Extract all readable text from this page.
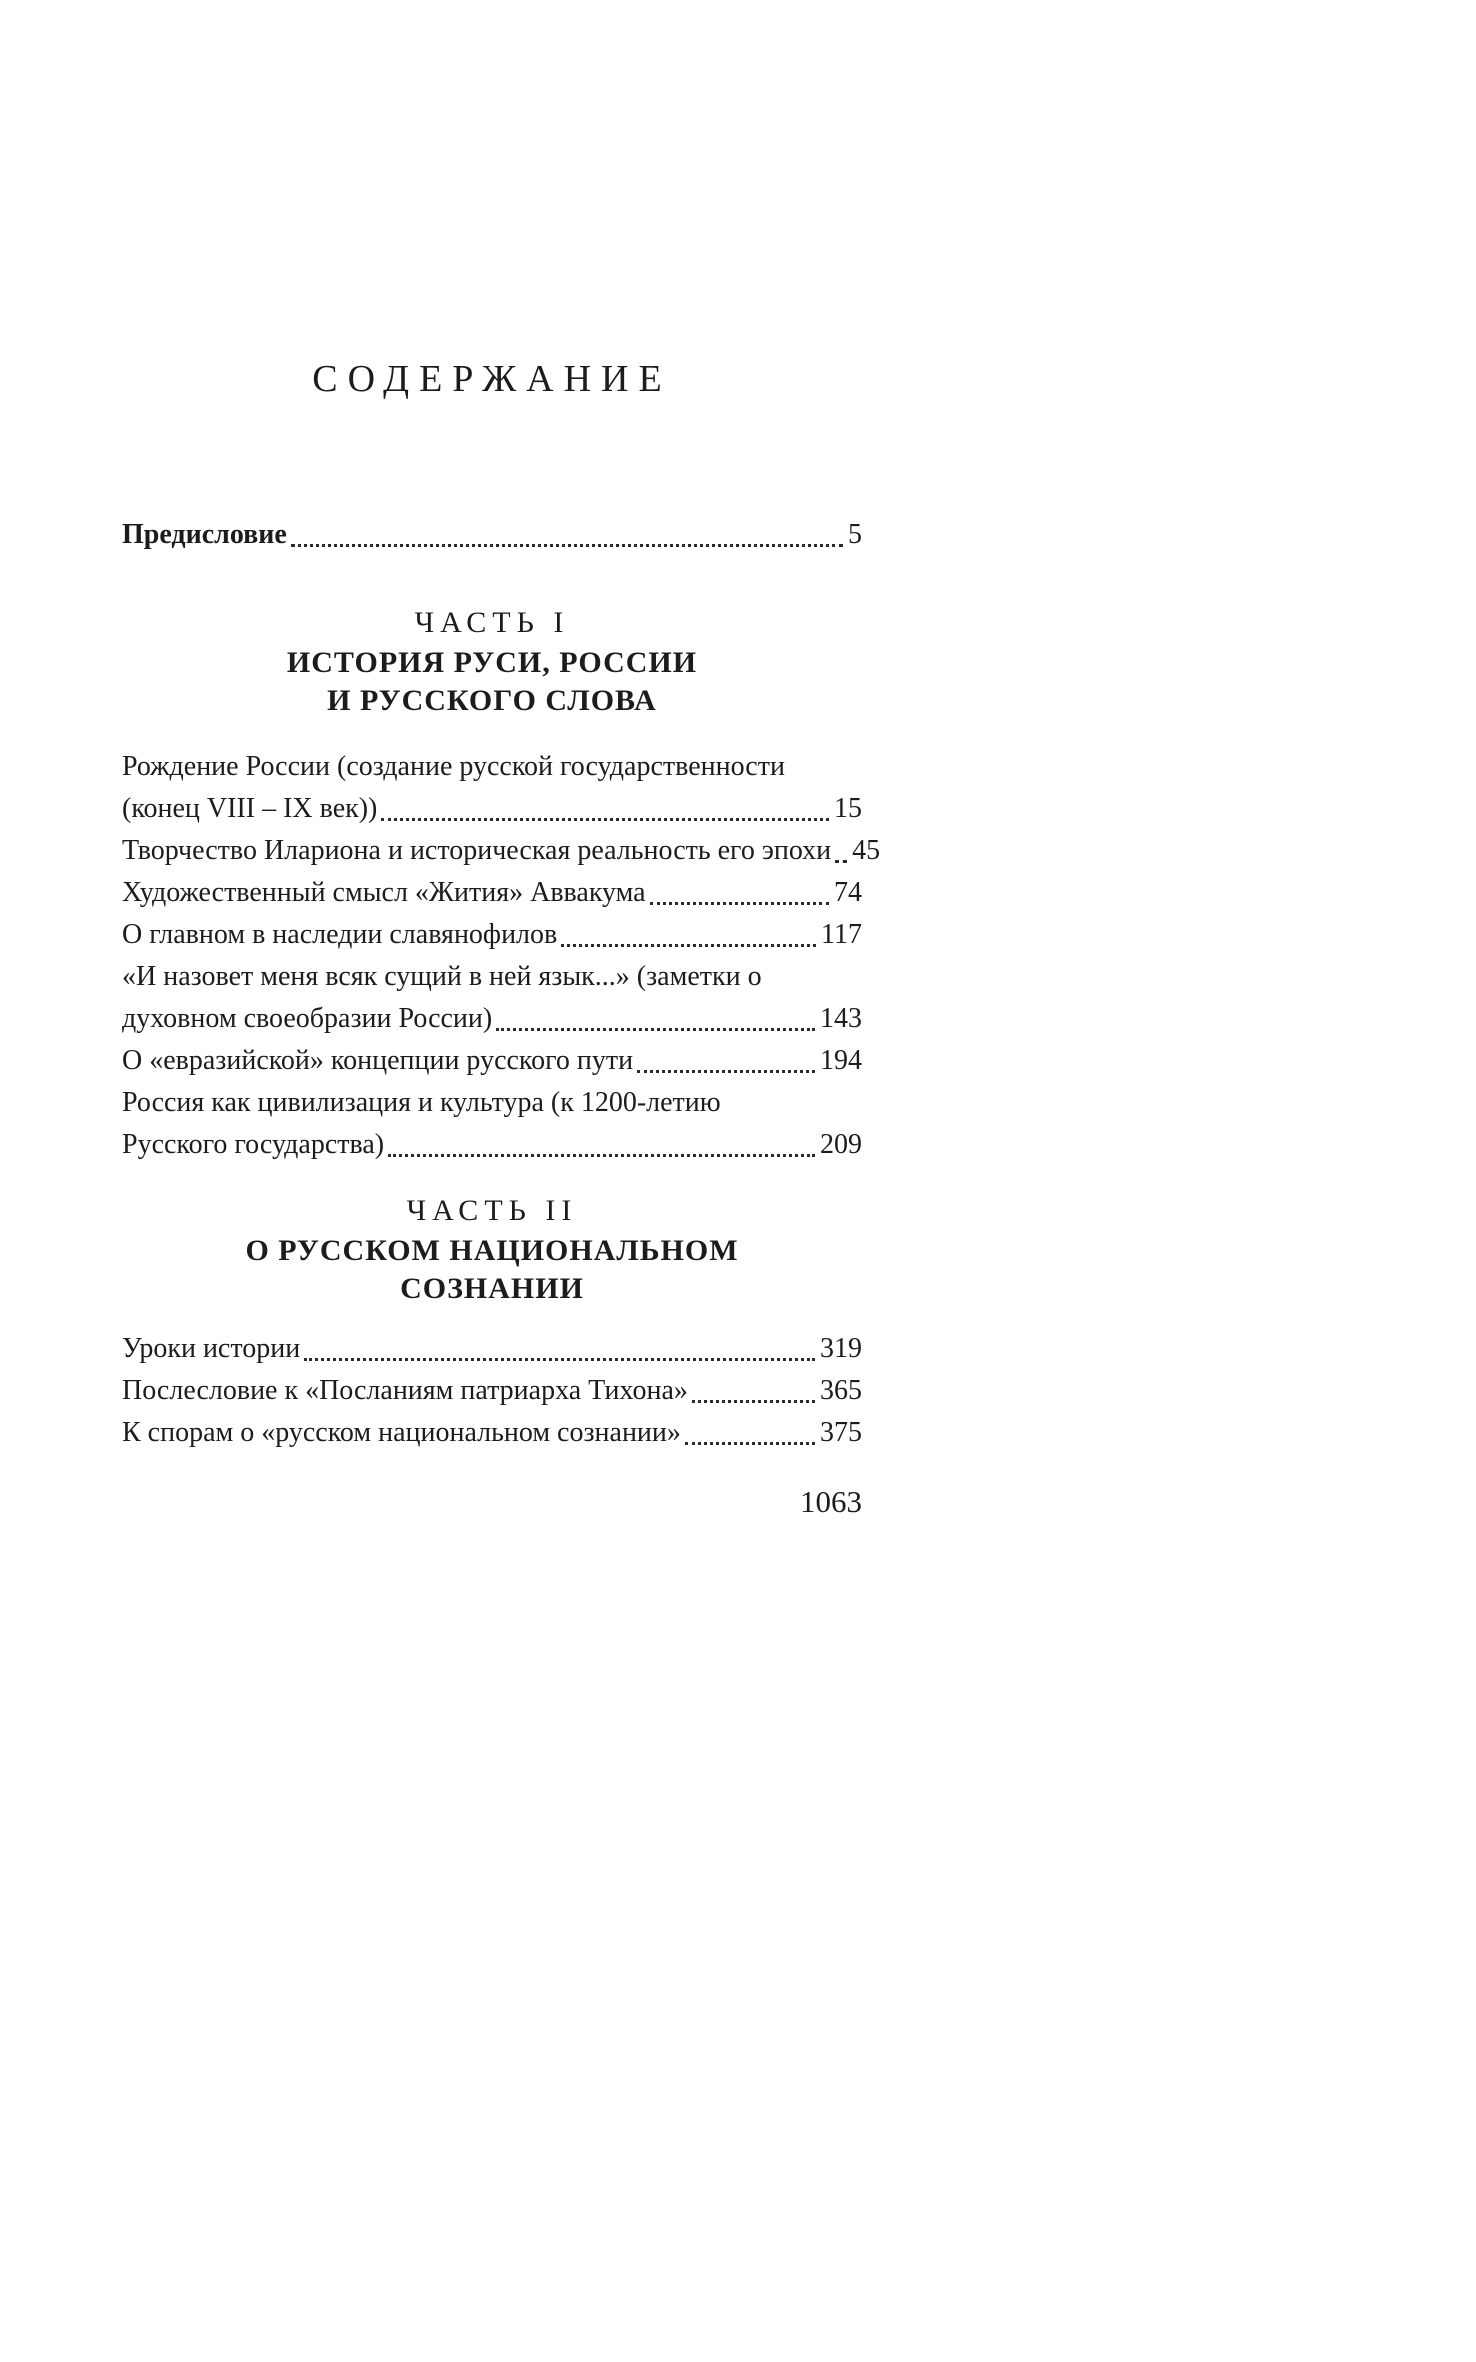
СОДЕРЖАНИЕ
Предисловие	5
ЧАСТЬ I
ИСТОРИЯ РУСИ, РОССИИ
И РУССКОГО СЛОВА
Рождение России (создание русской государственности
(конец VIII – IX век))	15
Творчество Илариона и историческая реальность его эпохи 45
Художественный смысл «Жития» Аввакума	74
О главном в наследии славянофилов	117
«И назовет меня всяк сущий в ней язык...» (заметки о
духовном своеобразии России)	143
О «евразийской» концепции русского пути	194
Россия как цивилизация и культура (к 1200-летию
Русского государства)	209
ЧАСТЬ II
О РУССКОМ НАЦИОНАЛЬНОМ
СОЗНАНИИ
Уроки истории	319
Послесловие к «Посланиям патриарха Тихона»	365
К спорам о «русском национальном сознании»	375
1063
